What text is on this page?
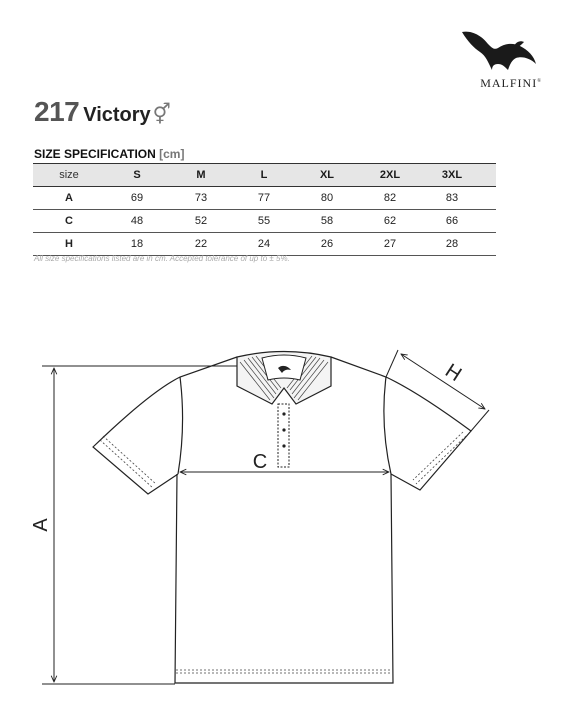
MALFINI®
217 Victory ⚥
SIZE SPECIFICATION [cm]
size	S	M	L	XL	2XL	3XL	
A	69	73	77	80	82	83	
C	48	52	55	58	62	66	
H	18	22	24	26	27	28	
All size specifications listed are in cm. Accepted tolerance of up to ± 5%.
A
C
H
